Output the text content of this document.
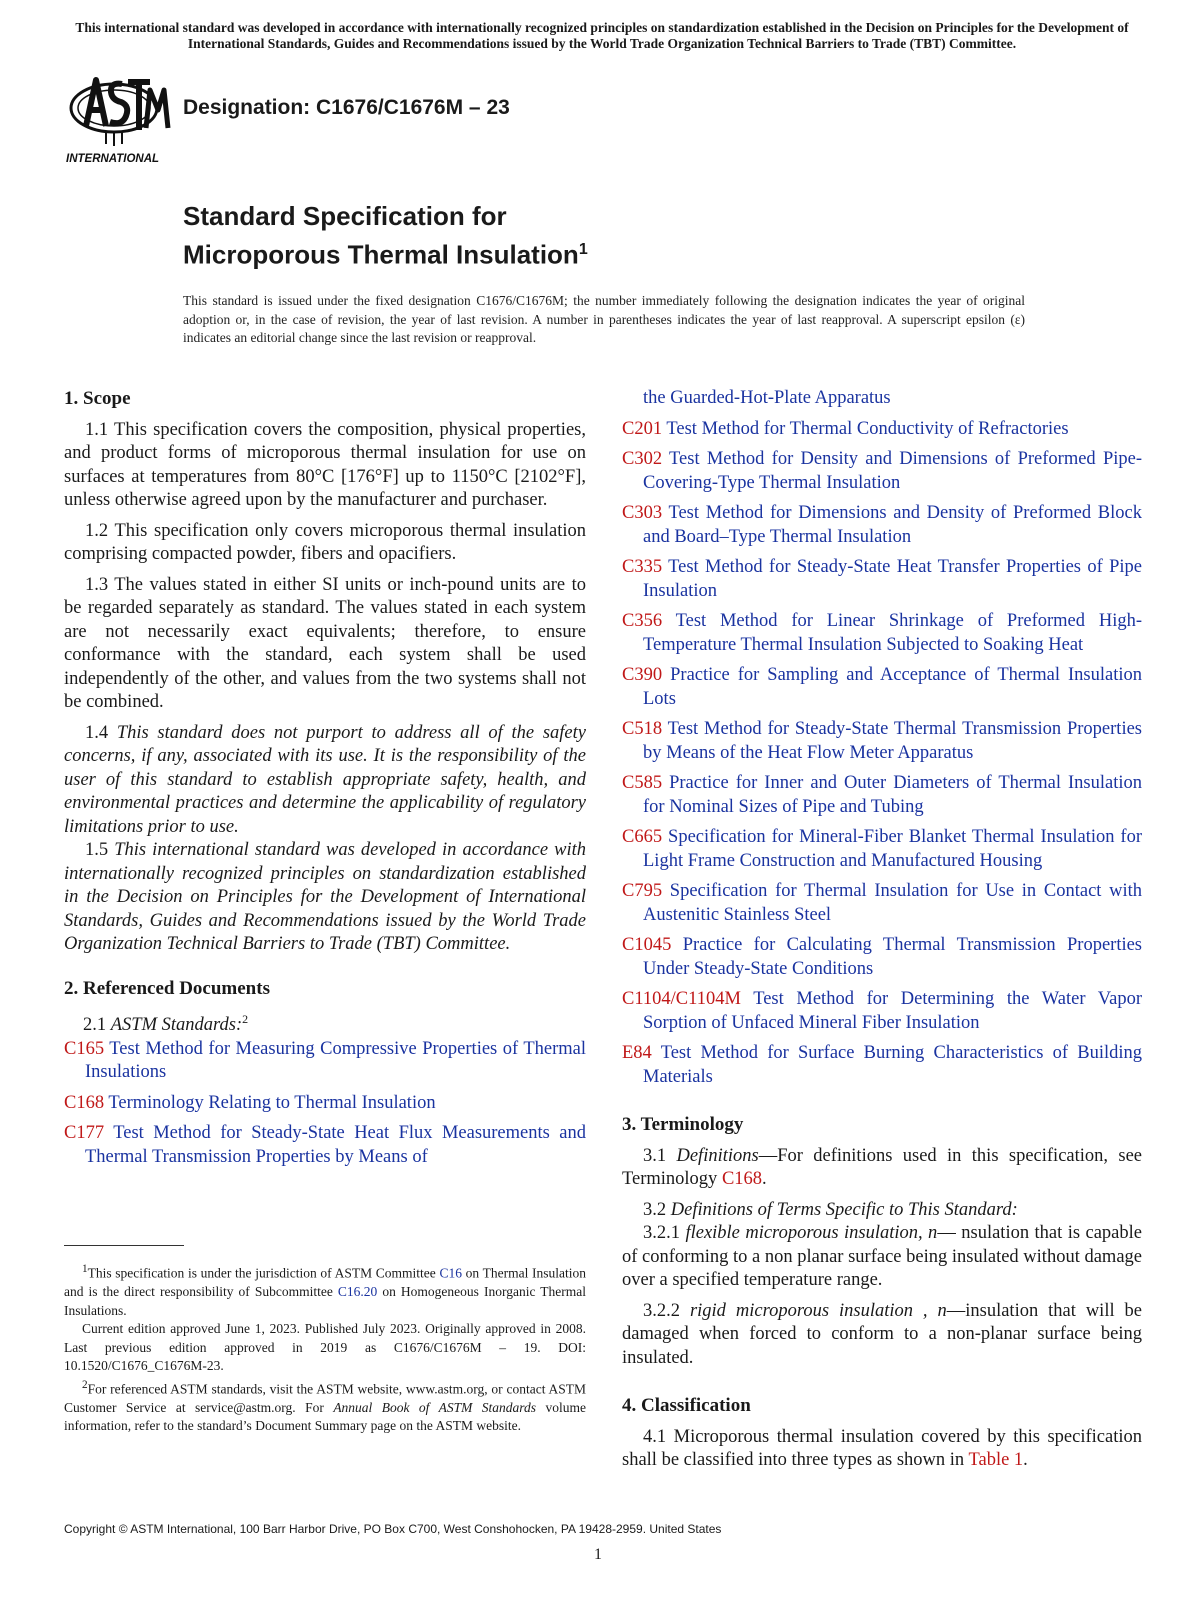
This international standard was developed in accordance with internationally recognized principles on standardization established in the Decision on Principles for the Development of International Standards, Guides and Recommendations issued by the World Trade Organization Technical Barriers to Trade (TBT) Committee.
INTERNATIONAL
Designation: C1676/C1676M – 23
Standard Specification for
Microporous Thermal Insulation$^1$
This standard is issued under the fixed designation C1676/C1676M; the number immediately following the designation indicates the year of original adoption or, in the case of revision, the year of last revision. A number in parentheses indicates the year of last reapproval. A superscript epsilon (ε) indicates an editorial change since the last revision or reapproval.
1. Scope

1.1 This specification covers the composition, physical properties, and product forms of microporous thermal insulation for use on surfaces at temperatures from 80°C [176°F] up to 1150°C [2102°F], unless otherwise agreed upon by the manufacturer and purchaser.

1.2 This specification only covers microporous thermal insulation comprising compacted powder, fibers and opacifiers.

1.3 The values stated in either SI units or inch-pound units are to be regarded separately as standard. The values stated in each system are not necessarily exact equivalents; therefore, to ensure conformance with the standard, each system shall be used independently of the other, and values from the two systems shall not be combined.

1.4 This standard does not purport to address all of the safety concerns, if any, associated with its use. It is the responsibility of the user of this standard to establish appropriate safety, health, and environmental practices and determine the applicability of regulatory limitations prior to use.

1.5 This international standard was developed in accordance with internationally recognized principles on standardization established in the Decision on Principles for the Development of International Standards, Guides and Recommendations issued by the World Trade Organization Technical Barriers to Trade (TBT) Committee.

2. Referenced Documents

2.1 ASTM Standards:$^2$

C165 Test Method for Measuring Compressive Properties of Thermal Insulations

C168 Terminology Relating to Thermal Insulation

C177 Test Method for Steady-State Heat Flux Measurements and Thermal Transmission Properties by Means of

the Guarded-Hot-Plate Apparatus

C201 Test Method for Thermal Conductivity of Refractories

C302 Test Method for Density and Dimensions of Preformed Pipe-Covering-Type Thermal Insulation

C303 Test Method for Dimensions and Density of Preformed Block and Board–Type Thermal Insulation

C335 Test Method for Steady-State Heat Transfer Properties of Pipe Insulation

C356 Test Method for Linear Shrinkage of Preformed High-Temperature Thermal Insulation Subjected to Soaking Heat

C390 Practice for Sampling and Acceptance of Thermal Insulation Lots

C518 Test Method for Steady-State Thermal Transmission Properties by Means of the Heat Flow Meter Apparatus

C585 Practice for Inner and Outer Diameters of Thermal Insulation for Nominal Sizes of Pipe and Tubing

C665 Specification for Mineral-Fiber Blanket Thermal Insulation for Light Frame Construction and Manufactured Housing

C795 Specification for Thermal Insulation for Use in Contact with Austenitic Stainless Steel

C1045 Practice for Calculating Thermal Transmission Properties Under Steady-State Conditions

C1104/C1104M Test Method for Determining the Water Vapor Sorption of Unfaced Mineral Fiber Insulation

E84 Test Method for Surface Burning Characteristics of Building Materials

3. Terminology

3.1 Definitions—For definitions used in this specification, see Terminology C168.

3.2 Definitions of Terms Specific to This Standard:

3.2.1 flexible microporous insulation, n— nsulation that is capable of conforming to a non planar surface being insulated without damage over a specified temperature range.

3.2.2 rigid microporous insulation , n—insulation that will be damaged when forced to conform to a non-planar surface being insulated.

4. Classification

4.1 Microporous thermal insulation covered by this specification shall be classified into three types as shown in Table 1.

$^1$This specification is under the jurisdiction of ASTM Committee C16 on Thermal Insulation and is the direct responsibility of Subcommittee C16.20 on Homogeneous Inorganic Thermal Insulations.

Current edition approved June 1, 2023. Published July 2023. Originally approved in 2008. Last previous edition approved in 2019 as C1676/C1676M – 19. DOI: 10.1520/C1676_C1676M-23.

$^2$For referenced ASTM standards, visit the ASTM website, www.astm.org, or contact ASTM Customer Service at service@astm.org. For Annual Book of ASTM Standards volume information, refer to the standard’s Document Summary page on the ASTM website.

Copyright © ASTM International, 100 Barr Harbor Drive, PO Box C700, West Conshohocken, PA 19428-2959. United States
1
